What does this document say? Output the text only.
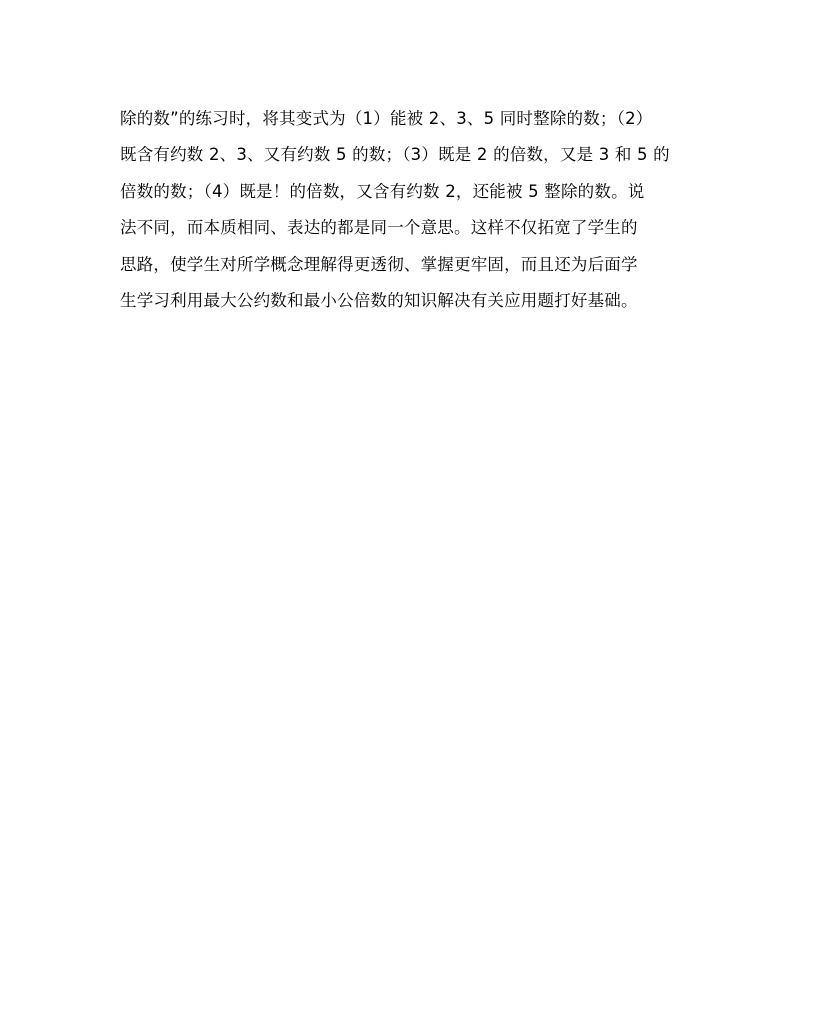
除的数”的练习时，将其变式为（1）能被 2、3、5 同时整除的数；（2）
既含有约数 2、3、又有约数 5 的数；（3）既是 2 的倍数，又是 3 和 5 的
倍数的数；（4）既是！的倍数，又含有约数 2，还能被 5 整除的数。说
法不同，而本质相同、表达的都是同一个意思。这样不仅拓宽了学生的
思路，使学生对所学概念理解得更透彻、掌握更牢固，而且还为后面学
生学习利用最大公约数和最小公倍数的知识解决有关应用题打好基础。
